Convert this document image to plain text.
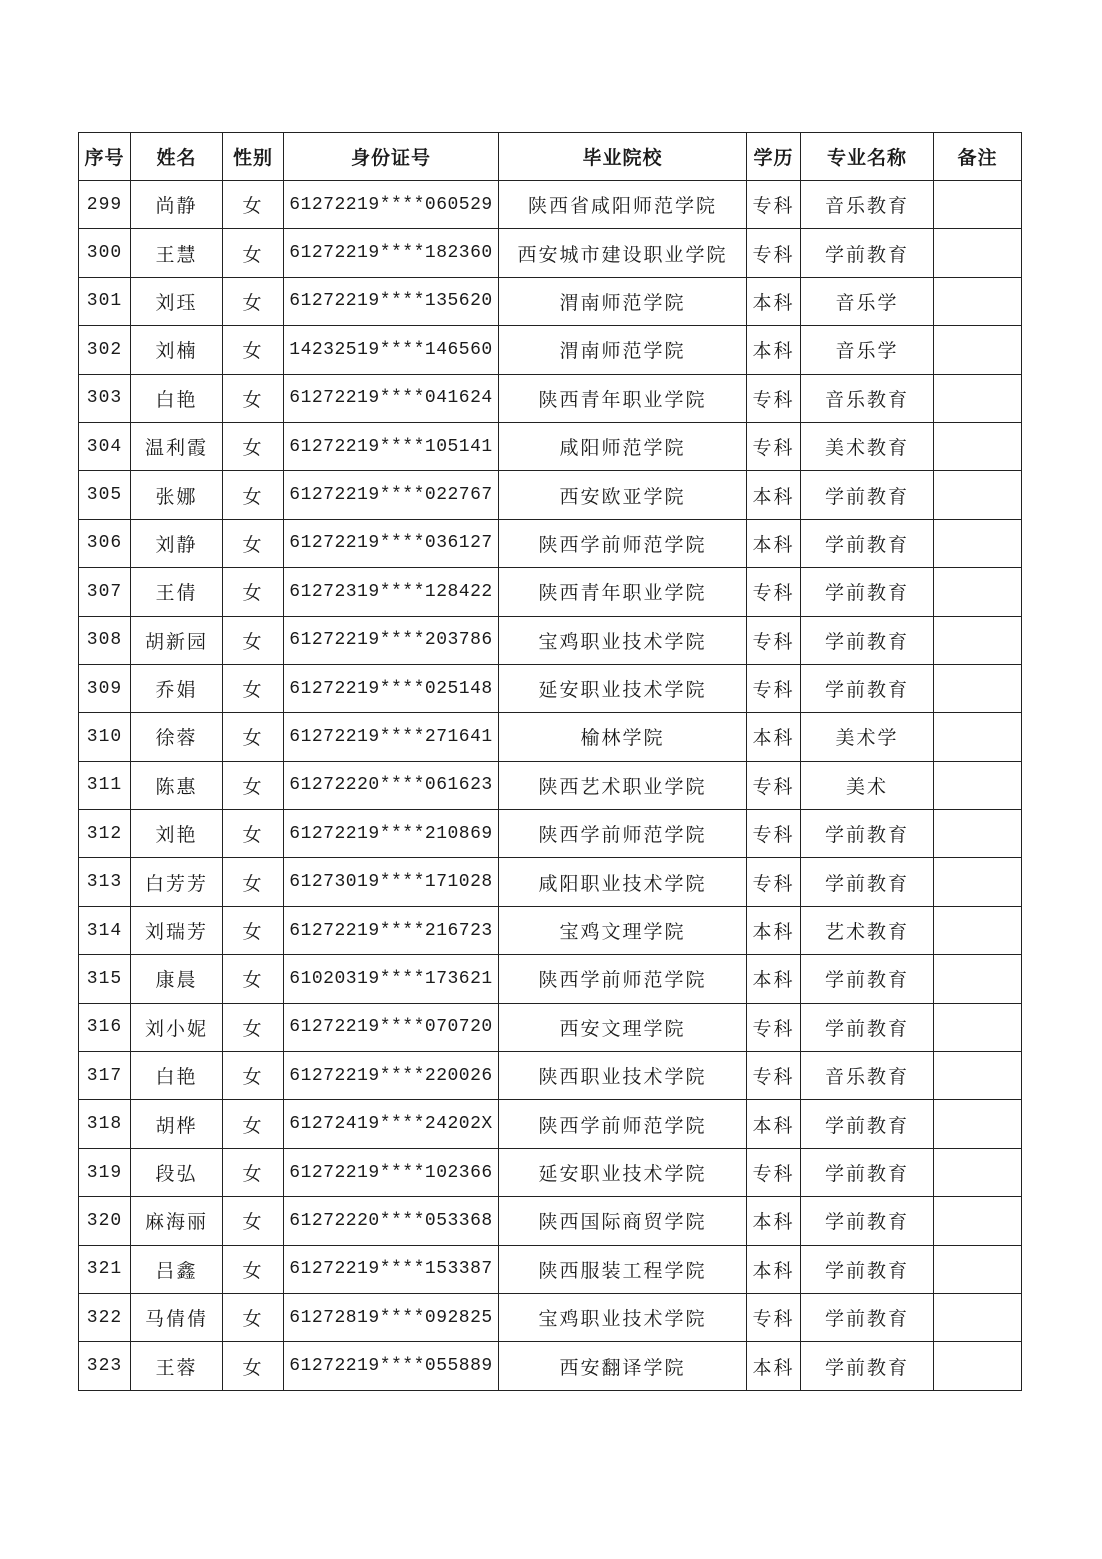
序号	姓名	性别	身份证号	毕业院校	学历	专业名称	备注
299	尚静	女	61272219****060529	陕西省咸阳师范学院	专科	音乐教育	
300	王慧	女	61272219****182360	西安城市建设职业学院	专科	学前教育	
301	刘珏	女	61272219****135620	渭南师范学院	本科	音乐学	
302	刘楠	女	14232519****146560	渭南师范学院	本科	音乐学	
303	白艳	女	61272219****041624	陕西青年职业学院	专科	音乐教育	
304	温利霞	女	61272219****105141	咸阳师范学院	专科	美术教育	
305	张娜	女	61272219****022767	西安欧亚学院	本科	学前教育	
306	刘静	女	61272219****036127	陕西学前师范学院	本科	学前教育	
307	王倩	女	61272319****128422	陕西青年职业学院	专科	学前教育	
308	胡新园	女	61272219****203786	宝鸡职业技术学院	专科	学前教育	
309	乔娟	女	61272219****025148	延安职业技术学院	专科	学前教育	
310	徐蓉	女	61272219****271641	榆林学院	本科	美术学	
311	陈惠	女	61272220****061623	陕西艺术职业学院	专科	美术	
312	刘艳	女	61272219****210869	陕西学前师范学院	专科	学前教育	
313	白芳芳	女	61273019****171028	咸阳职业技术学院	专科	学前教育	
314	刘瑞芳	女	61272219****216723	宝鸡文理学院	本科	艺术教育	
315	康晨	女	61020319****173621	陕西学前师范学院	本科	学前教育	
316	刘小妮	女	61272219****070720	西安文理学院	专科	学前教育	
317	白艳	女	61272219****220026	陕西职业技术学院	专科	音乐教育	
318	胡桦	女	61272419****24202X	陕西学前师范学院	本科	学前教育	
319	段弘	女	61272219****102366	延安职业技术学院	专科	学前教育	
320	麻海丽	女	61272220****053368	陕西国际商贸学院	本科	学前教育	
321	吕鑫	女	61272219****153387	陕西服装工程学院	本科	学前教育	
322	马倩倩	女	61272819****092825	宝鸡职业技术学院	专科	学前教育	
323	王蓉	女	61272219****055889	西安翻译学院	本科	学前教育	
